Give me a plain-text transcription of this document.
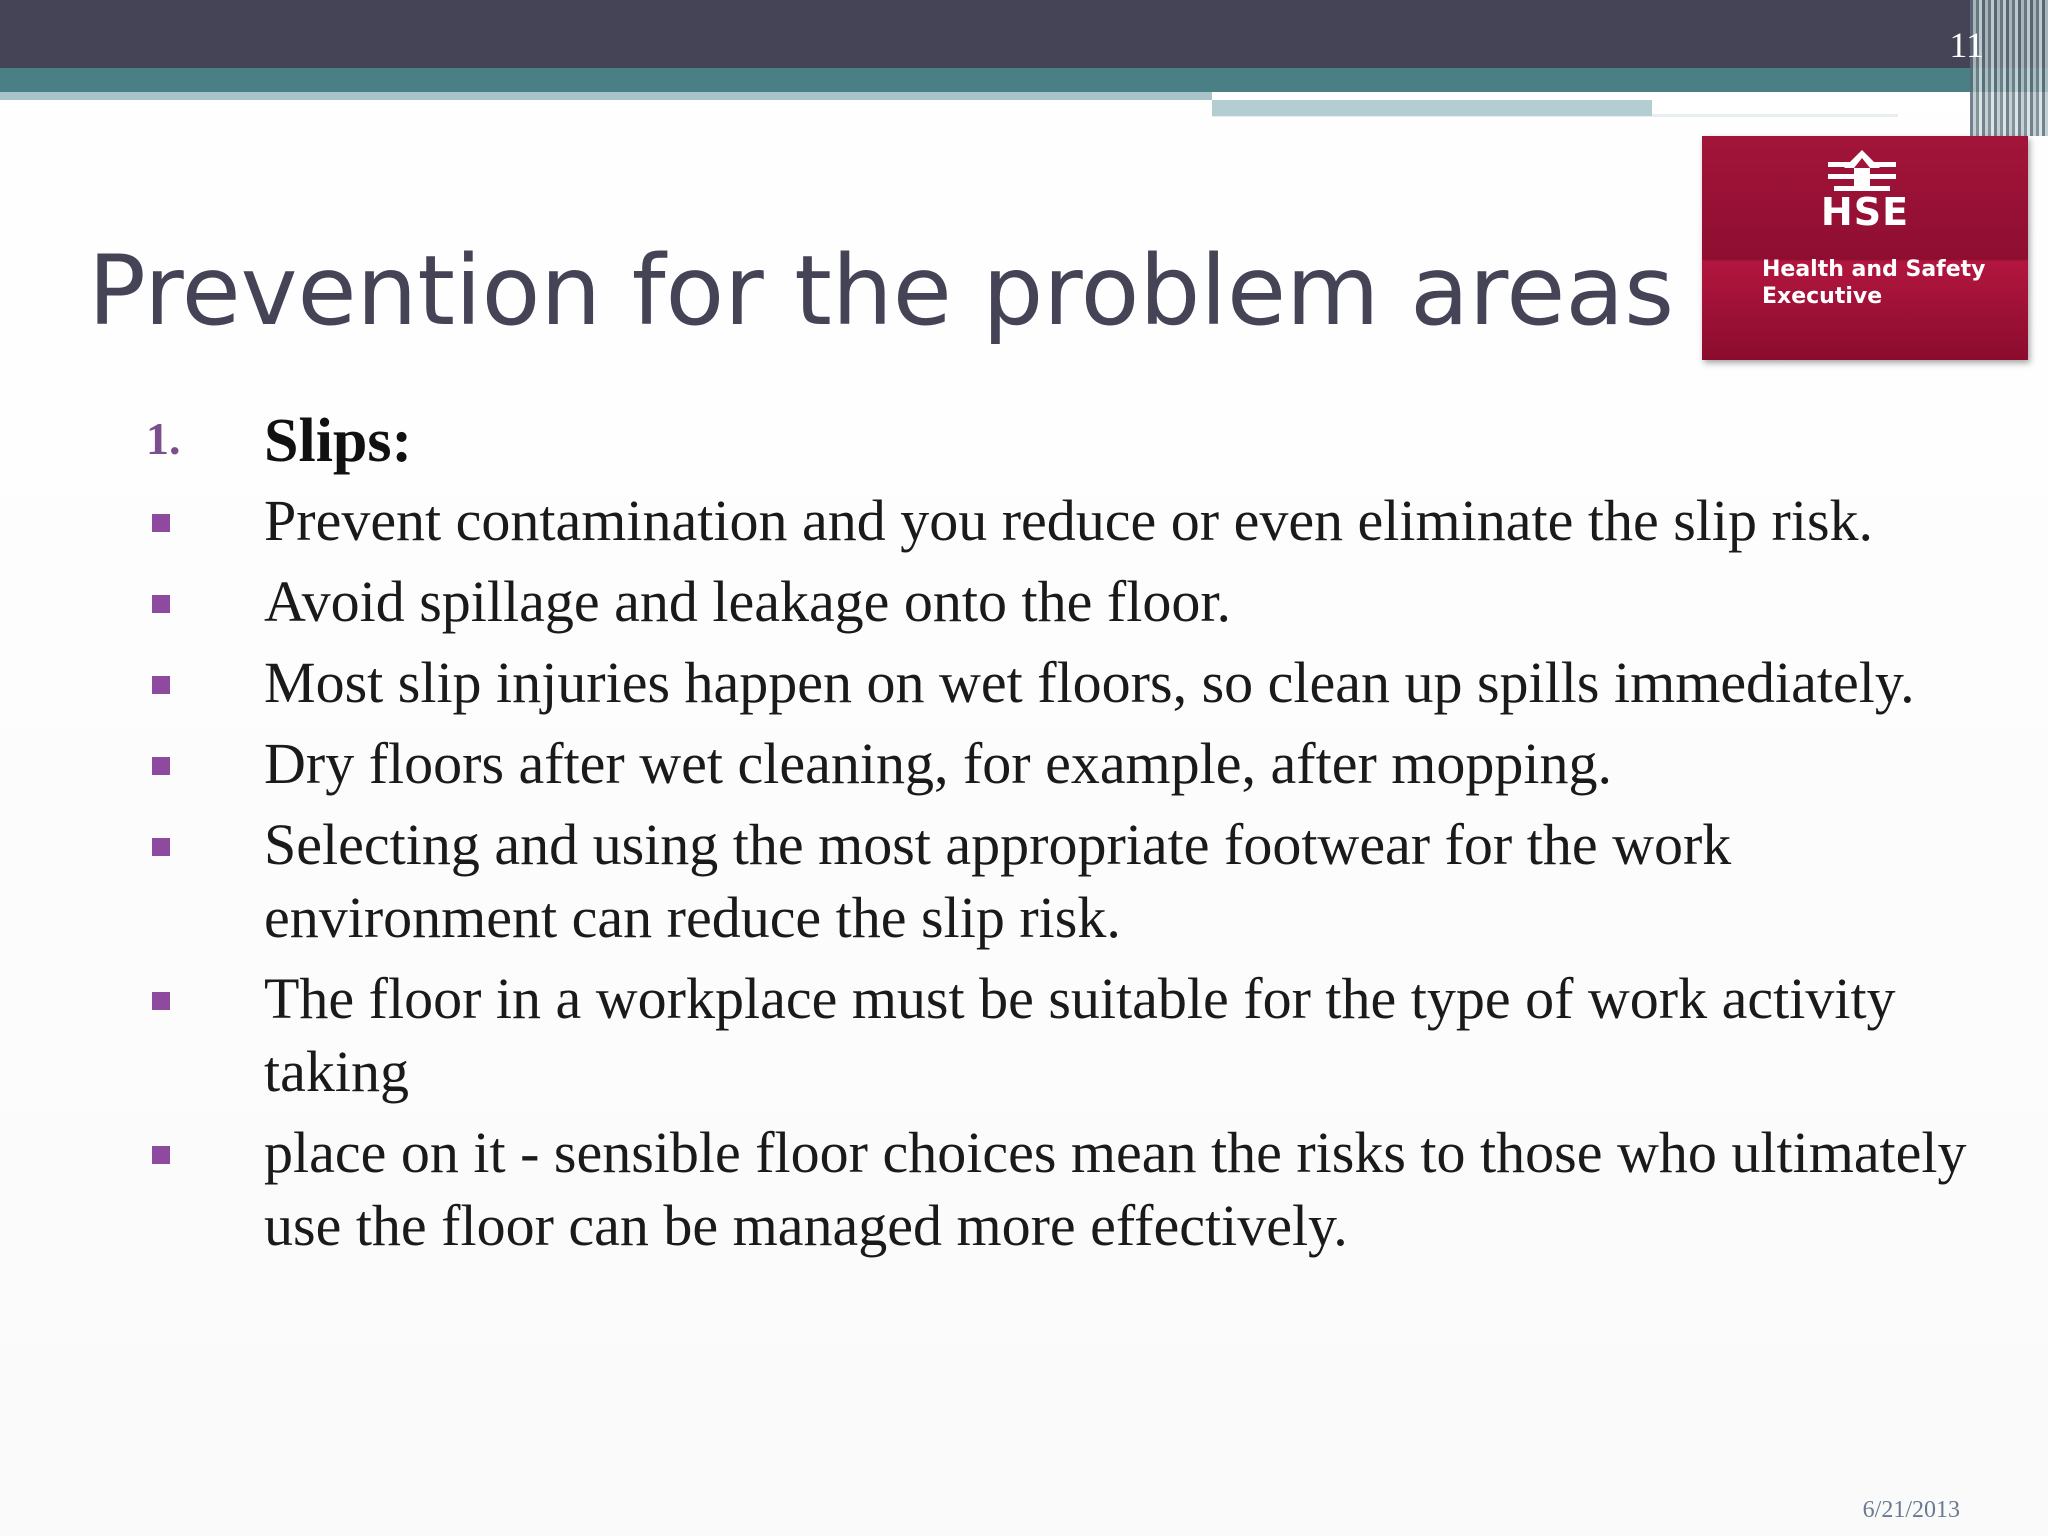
11
HSE
Health and Safety
Executive
Prevention for the problem areas
1. Slips:
Prevent contamination and you reduce or even eliminate the slip risk.
Avoid spillage and leakage onto the floor.
Most slip injuries happen on wet floors, so clean up spills immediately.
Dry floors after wet cleaning, for example, after mopping.
Selecting and using the most appropriate footwear for the work environment can reduce the slip risk.
The floor in a workplace must be suitable for the type of work activity taking
place on it - sensible floor choices mean the risks to those who ultimately use the floor can be managed more effectively.
6/21/2013
